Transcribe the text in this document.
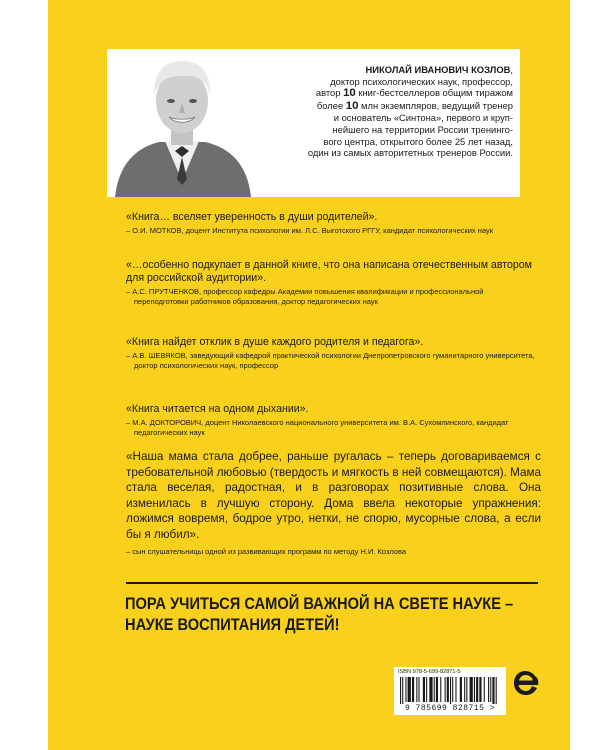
НИКОЛАЙ ИВАНОВИЧ КОЗЛОВ,
доктор психологических наук, профессор,
автор 10 книг-бестселлеров общим тиражом
более 10 млн экземпляров, ведущий тренер
и основатель «Синтона», первого и круп-
нейшего на территории России тренинго-
вого центра, открытого более 25 лет назад,
один из самых авторитетных тренеров России.
«Книга… вселяет уверенность в души родителей».
– О.И. МОТКОВ, доцент Института психологии им. Л.С. Выготского РГГУ, кандидат психологических наук
«…особенно подкупает в данной книге, что она написана отечественным автором для российской аудитории».
– А.С. ПРУТЧЕНКОВ, профессор кафедры Академии повышения квалификации и профессиональной переподготовки работников образования, доктор педагогических наук
«Книга найдет отклик в душе каждого родителя и педагога».
– А.В. ШЕВЯКОВ, заведующий кафедрой практической психологии Днепропетровского гуманитарного университета, доктор психологических наук, профессор
«Книга читается на одном дыхании».
– М.А. ДОКТОРОВИЧ, доцент Николаевского национального университета им. В.А. Сухомлинского, кандидат педагогических наук
«Наша мама стала добрее, раньше ругалась – теперь договариваемся с требовательной любовью (твердость и мягкость в ней совмещаются). Мама стала веселая, радостная, и в разговорах позитивные слова. Она изменилась в лучшую сторону. Дома ввела некоторые упражнения: ложимся вовремя, бодрое утро, нетки, не спорю, мусорные слова, а если бы я любил».
– сын слушательницы одной из развивающих программ по методу Н.И. Козлова
ПОРА УЧИТЬСЯ САМОЙ ВАЖНОЙ НА СВЕТЕ НАУКЕ –
НАУКЕ ВОСПИТАНИЯ ДЕТЕЙ!
ISBN 978-5-699-82871-5
9 785699 828715 >
